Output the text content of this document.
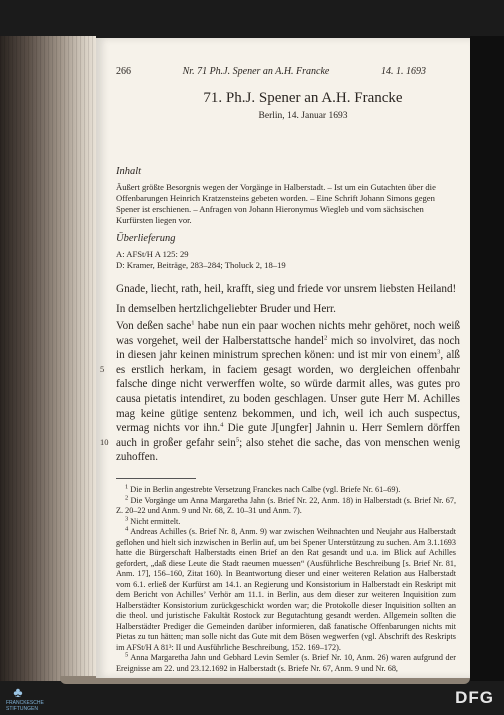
266	Nr. 71 Ph.J. Spener an A.H. Francke	14. 1. 1693
71. Ph.J. Spener an A.H. Francke
Berlin, 14. Januar 1693
Inhalt
Äußert größte Besorgnis wegen der Vorgänge in Halberstadt. – Ist um ein Gutachten über die Offenbarungen Heinrich Kratzensteins gebeten worden. – Eine Schrift Johann Simons gegen Spener ist erschienen. – Anfragen von Johann Hieronymus Wiegleb und vom sächsischen Kurfürsten liegen vor.
Überlieferung
A: AFSt/H A 125: 29
D: Kramer, Beiträge, 283–284; Tholuck 2, 18–19
Gnade, liecht, rath, heil, krafft, sieg und friede vor unsrem liebsten Heiland!
In demselben hertzlichgeliebter Bruder und Herr.
5
10
Von deßen sache$^1$ habe nun ein paar wochen nichts mehr gehöret, noch weiß was vorgehet, weil der Halberstattsche handel$^2$ mich so involviret, das noch in diesen jahr keinen ministrum sprechen könen: und ist mir von einem$^3$, alß es erstlich herkam, in faciem gesagt worden, wo dergleichen offenbahr falsche dinge nicht verwerffen wolte, so würde darmit alles, was gutes pro causa pietatis intendiret, zu boden geschlagen. Unser gute Herr M. Achilles mag keine gütige sentenz bekommen, und ich, weil ich auch suspectus, vermag nichts vor ihn.$^4$ Die gute J[ungfer] Jahnin u. Herr Semlern dörffen auch in großer gefahr sein$^5$; also stehet die sache, das von menschen wenig zuhoffen.

$^1$ Die in Berlin angestrebte Versetzung Franckes nach Calbe (vgl. Briefe Nr. 61–69).

$^2$ Die Vorgänge um Anna Margaretha Jahn (s. Brief Nr. 22, Anm. 18) in Halberstadt (s. Brief Nr. 67, Z. 20–22 und Anm. 9 und Nr. 68, Z. 10–31 und Anm. 7).

$^3$ Nicht ermittelt.

$^4$ Andreas Achilles (s. Brief Nr. 8, Anm. 9) war zwischen Weihnachten und Neujahr aus Halberstadt geflohen und hielt sich inzwischen in Berlin auf, um bei Spener Unterstützung zu suchen. Am 3.1.1693 hatte die Bürgerschaft Halberstadts einen Brief an den Rat gesandt und u.a. im Blick auf Achilles gefordert, „daß diese Leute die Stadt raeumen muessen“ (Ausführliche Beschreibung [s. Brief Nr. 81, Anm. 17], 156–160, Zitat 160). In Beantwortung dieser und einer weiteren Relation aus Halberstadt vom 6.1. erließ der Kurfürst am 14.1. an Regierung und Konsistorium in Halberstadt ein Reskript mit dem Bericht von Achilles’ Verhör am 11.1. in Berlin, aus dem dieser zur weiteren Inquisition zum Halberstädter Konsistorium zurückgeschickt worden war; die Protokolle dieser Inquisition sollten an die theol. und juristische Fakultät Rostock zur Begutachtung gesandt werden. Allgemein sollten die Halberstädter Prediger die Gemeinden darüber informieren, daß fanatische Offenbarungen nichts mit Pietas zu tun hätten; man solle nicht das Gute mit dem Bösen wegwerfen (vgl. Abschrift des Reskripts im AFSt/H A 81³: II und Ausführliche Beschreibung, 152. 169–172).

$^5$ Anna Margaretha Jahn und Gebhard Levin Semler (s. Brief Nr. 10, Anm. 26) waren aufgrund der Ereignisse am 22. und 23.12.1692 in Halberstadt (s. Briefe Nr. 67, Anm. 9 und Nr. 68,

♣
FRANCKESCHE STIFTUNGEN
DFG
